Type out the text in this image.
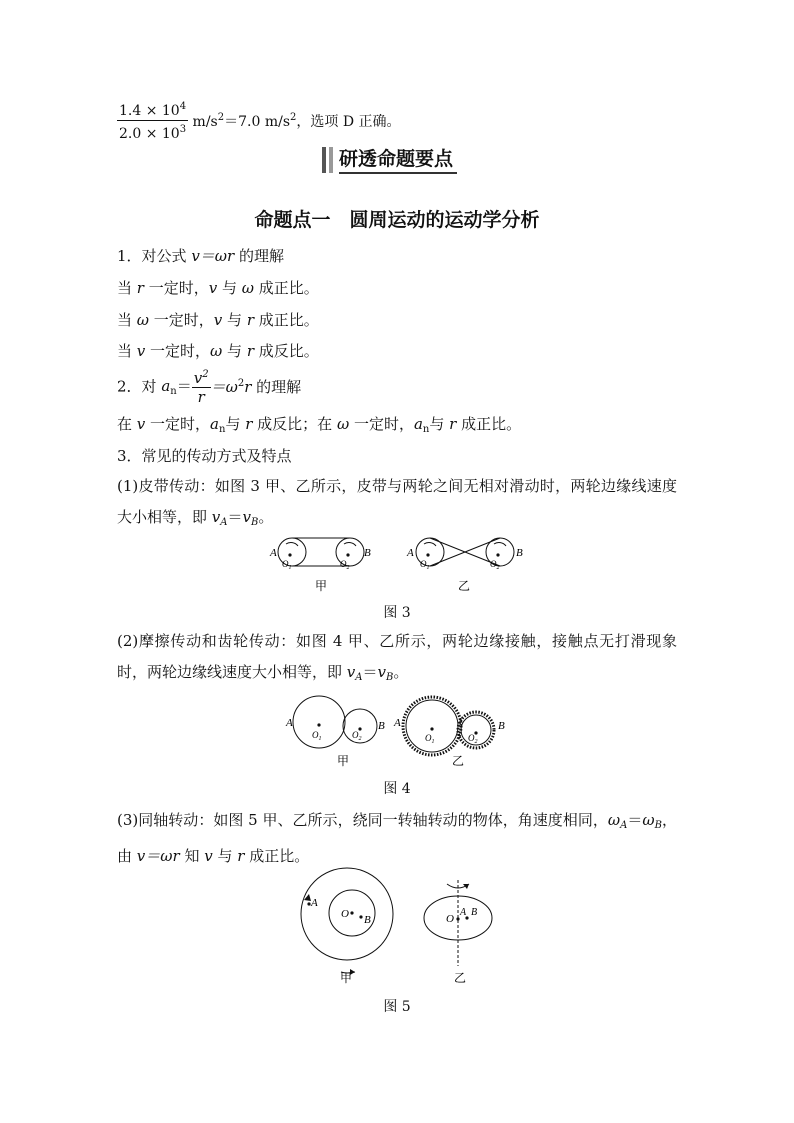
$\frac{1.4 \times 10^4}{2.0 \times 10^3} m/s^2=7.0$ $m/s^2$，选项 D 正确。
研透命题要点
命题点一　圆周运动的运动学分析
1．对公式 v＝ωr 的理解
当 r 一定时，v 与 ω 成正比。
当 ω 一定时，v 与 r 成正比。
当 v 一定时，ω 与 r 成反比。
2．对 $a_n= \frac{v^2}{r} =\omega^2r$ 的理解
在 v 一定时，$a_n$与 r 成反比；在 ω 一定时，$a_n$与 r 成正比。
3．常见的传动方式及特点
(1)皮带传动：如图 3 甲、乙所示，皮带与两轮之间无相对滑动时，两轮边缘线速度大小相等，即 $v_A=v_B$。
A	B
$O_1$	$O_2$
甲
A	B
$O_1$	$O_2$
乙
图 3
(2)摩擦传动和齿轮传动：如图 4 甲、乙所示，两轮边缘接触，接触点无打滑现象时，两轮边缘线速度大小相等，即 $v_A=v_B$。
A	B
$O_1$	$O_2$
甲
A	B
$O_1$	$O_2$
乙
图 4
(3)同轴转动：如图 5 甲、乙所示，绕同一转轴转动的物体，角速度相同，$\omega_A=\omega_B$，由 v＝ωr 知 v 与 r 成正比。
A
O B
甲
O
A B
乙
图 5
